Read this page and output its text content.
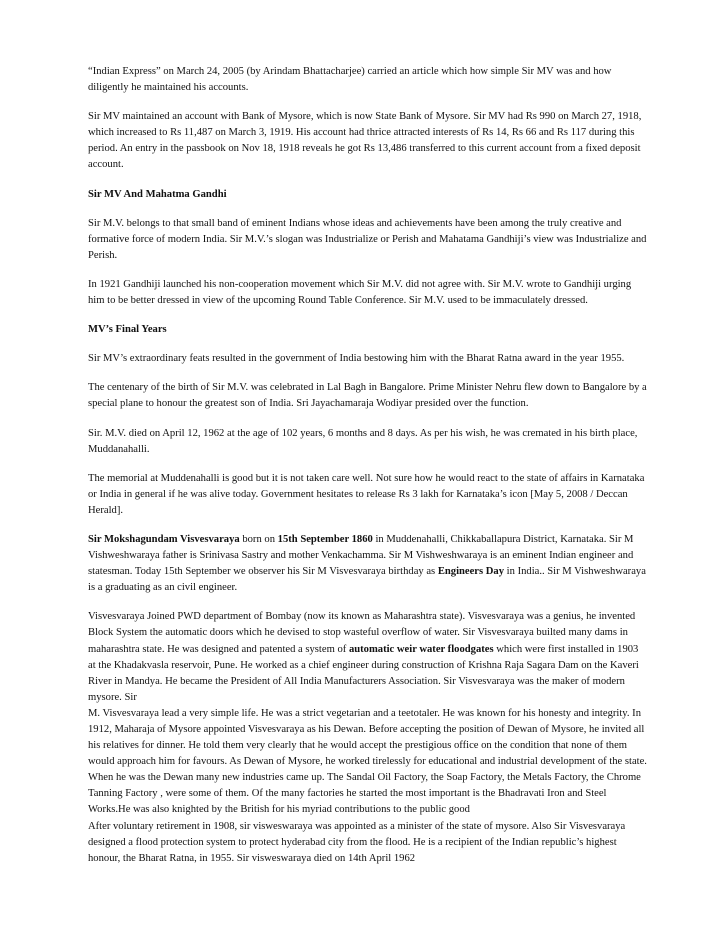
“Indian Express” on March 24, 2005 (by Arindam Bhattacharjee) carried an article which how simple Sir MV was and how diligently he maintained his accounts.

Sir MV maintained an account with Bank of Mysore, which is now State Bank of Mysore. Sir MV had Rs 990 on March 27, 1918, which increased to Rs 11,487 on March 3, 1919. His account had thrice attracted interests of Rs 14, Rs 66 and Rs 117 during this period. An entry in the passbook on Nov 18, 1918 reveals he got Rs 13,486 transferred to this current account from a fixed deposit account.

Sir MV And Mahatma Gandhi

Sir M.V. belongs to that small band of eminent Indians whose ideas and achievements have been among the truly creative and formative force of modern India. Sir M.V.’s slogan was Industrialize or Perish and Mahatama Gandhiji’s view was Industrialize and Perish.

In 1921 Gandhiji launched his non-cooperation movement which Sir M.V. did not agree with. Sir M.V. wrote to Gandhiji urging him to be better dressed in view of the upcoming Round Table Conference. Sir M.V. used to be immaculately dressed.

MV’s Final Years

Sir MV’s extraordinary feats resulted in the government of India bestowing him with the Bharat Ratna award in the year 1955.

The centenary of the birth of Sir M.V. was celebrated in Lal Bagh in Bangalore. Prime Minister Nehru flew down to Bangalore by a special plane to honour the greatest son of India. Sri Jayachamaraja Wodiyar presided over the function.

Sir. M.V. died on April 12, 1962 at the age of 102 years, 6 months and 8 days. As per his wish, he was cremated in his birth place, Muddanahalli.

The memorial at Muddenahalli is good but it is not taken care well. Not sure how he would react to the state of affairs in Karnataka or India in general if he was alive today. Government hesitates to release Rs 3 lakh for Karnataka’s icon [May 5, 2008 / Deccan Herald].

Sir Mokshagundam Visvesvaraya born on 15th September 1860 in Muddenahalli, Chikkaballapura District, Karnataka. Sir M Vishweshwaraya father is Srinivasa Sastry and mother Venkachamma. Sir M Vishweshwaraya is an eminent Indian engineer and statesman. Today 15th September we observer his Sir M Visvesvaraya birthday as Engineers Day in India.. Sir M Vishweshwaraya is a graduating as an civil engineer.

Visvesvaraya Joined PWD department of Bombay (now its known as Maharashtra state). Visvesvaraya was a genius, he invented Block System the automatic doors which he devised to stop wasteful overflow of water. Sir Visvesvaraya builted many dams in maharashtra state. He was designed and patented a system of automatic weir water floodgates which were first installed in 1903 at the Khadakvasla reservoir, Pune. He worked as a chief engineer during construction of Krishna Raja Sagara Dam on the Kaveri River in Mandya. He became the President of All India Manufacturers Association. Sir Visvesvaraya was the maker of modern mysore. Sir

M. Visvesvaraya lead a very simple life. He was a strict vegetarian and a teetotaler. He was known for his honesty and integrity. In 1912, Maharaja of Mysore appointed Visvesvaraya as his Dewan. Before accepting the position of Dewan of Mysore, he invited all his relatives for dinner. He told them very clearly that he would accept the prestigious office on the condition that none of them would approach him for favours. As Dewan of Mysore, he worked tirelessly for educational and industrial development of the state. When he was the Dewan many new industries came up. The Sandal Oil Factory, the Soap Factory, the Metals Factory, the Chrome Tanning Factory , were some of them. Of the many factories he started the most important is the Bhadravati Iron and Steel Works.He was also knighted by the British for his myriad contributions to the public good

After voluntary retirement in 1908, sir visweswaraya was appointed as a minister of the state of mysore. Also Sir Visvesvaraya designed a flood protection system to protect hyderabad city from the flood. He is a recipient of the Indian republic’s highest honour, the Bharat Ratna, in 1955. Sir visweswaraya died on 14th April 1962
